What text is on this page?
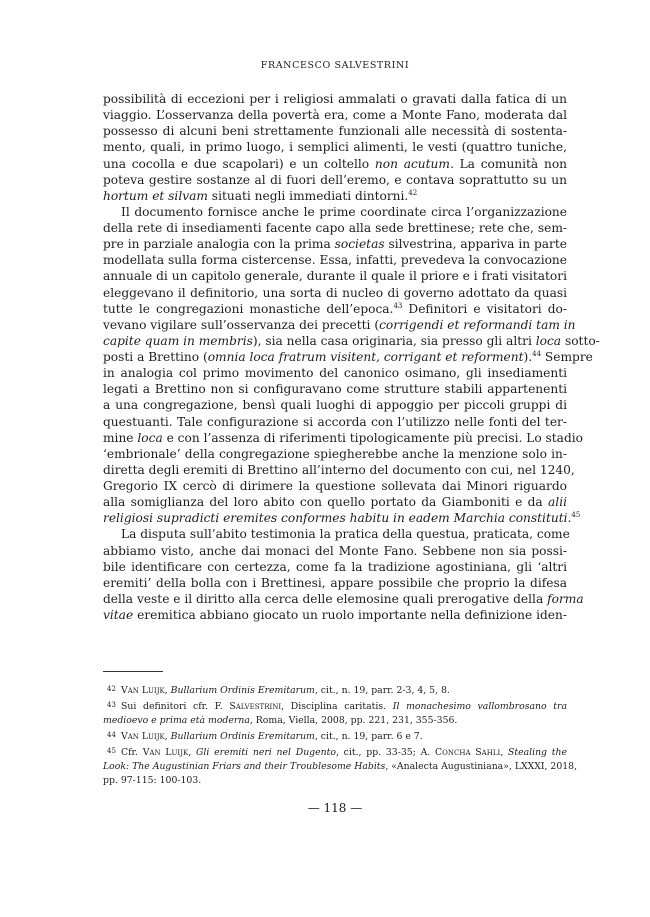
FRANCESCO SALVESTRINI
possibilità di eccezioni per i religiosi ammalati o gravati dalla fatica di un
viaggio. L’osservanza della povertà era, come a Monte Fano, moderata dal
possesso di alcuni beni strettamente funzionali alle necessità di sostenta-
mento, quali, in primo luogo, i semplici alimenti, le vesti (quattro tuniche,
una cocolla e due scapolari) e un coltello non acutum. La comunità non
poteva gestire sostanze al di fuori dell’eremo, e contava soprattutto su un
hortum et silvam situati negli immediati dintorni.$^{42}$
Il documento fornisce anche le prime coordinate circa l’organizzazione
della rete di insediamenti facente capo alla sede brettinese; rete che, sem-
pre in parziale analogia con la prima societas silvestrina, appariva in parte
modellata sulla forma cistercense. Essa, infatti, prevedeva la convocazione
annuale di un capitolo generale, durante il quale il priore e i frati visitatori
eleggevano il definitorio, una sorta di nucleo di governo adottato da quasi
tutte le congregazioni monastiche dell’epoca.$^{43}$ Definitori e visitatori do-
vevano vigilare sull’osservanza dei precetti (corrigendi et reformandi tam in
capite quam in membris), sia nella casa originaria, sia presso gli altri loca sotto-
posti a Brettino (omnia loca fratrum visitent, corrigant et reforment).$^{44}$ Sempre
in analogia col primo movimento del canonico osimano, gli insediamenti
legati a Brettino non si configuravano come strutture stabili appartenenti
a una congregazione, bensì quali luoghi di appoggio per piccoli gruppi di
questuanti. Tale configurazione si accorda con l’utilizzo nelle fonti del ter-
mine loca e con l’assenza di riferimenti tipologicamente più precisi. Lo stadio
‘embrionale’ della congregazione spiegherebbe anche la menzione solo in-
diretta degli eremiti di Brettino all’interno del documento con cui, nel 1240,
Gregorio IX cercò di dirimere la questione sollevata dai Minori riguardo
alla somiglianza del loro abito con quello portato da Giamboniti e da alii
religiosi supradicti eremites conformes habitu in eadem Marchia constituti.$^{45}$
La disputa sull’abito testimonia la pratica della questua, praticata, come
abbiamo visto, anche dai monaci del Monte Fano. Sebbene non sia possi-
bile identificare con certezza, come fa la tradizione agostiniana, gli ‘altri
eremiti’ della bolla con i Brettinesi, appare possibile che proprio la difesa
della veste e il diritto alla cerca delle elemosine quali prerogative della forma
vitae eremitica abbiano giocato un ruolo importante nella definizione iden-
42 Van Luijk, Bullarium Ordinis Eremitarum, cit., n. 19, parr. 2-3, 4, 5, 8.
43 Sui definitori cfr. F. Salvestrini, Disciplina caritatis. Il monachesimo vallombrosano tra
medioevo e prima età moderna, Roma, Viella, 2008, pp. 221, 231, 355-356.
44 Van Luijk, Bullarium Ordinis Eremitarum, cit., n. 19, parr. 6 e 7.
45 Cfr. Van Luijk, Gli eremiti neri nel Dugento, cit., pp. 33-35; A. Concha Sahli, Stealing the
Look: The Augustinian Friars and their Troublesome Habits, «Analecta Augustiniana», LXXXI, 2018,
pp. 97-115: 100-103.
— 118 —
